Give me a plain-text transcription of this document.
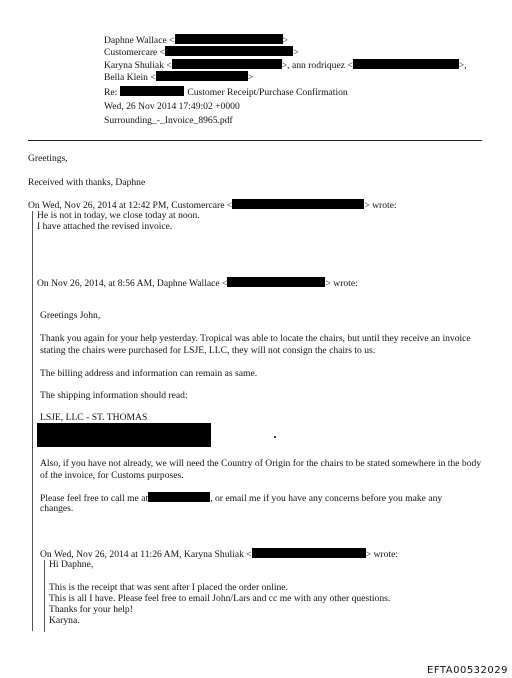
Daphne Wallace <	>
Customercare <	>
Karyna Shuliak <	>, ann rodriquez <	>,
Bella Klein <	>
Re:	Customer Receipt/Purchase Confirmation
Wed, 26 Nov 2014 17:49:02 +0000
Surrounding_-_Invoice_8965.pdf
Greetings,
Received with thanks, Daphne
On Wed, Nov 26, 2014 at 12:42 PM, Customercare <	> wrote:
He is not in today, we close today at noon.
I have attached the revised invoice.
On Nov 26, 2014, at 8:56 AM, Daphne Wallace <	> wrote:
Greetings John,
Thank you again for your help yesterday. Tropical was able to locate the chairs, but until they receive an invoice stating the chairs were purchased for LSJE, LLC, they will not consign the chairs to us.
The billing address and information can remain as same.
The shipping information should read:
LSJE, LLC - ST. THOMAS
Also, if you have not already, we will need the Country of Origin for the chairs to be stated somewhere in the body of the invoice, for Customs purposes.
Please feel free to call me at	, or email me if you have any concerns before you make any
changes.
On Wed, Nov 26, 2014 at 11:26 AM, Karyna Shuliak <	> wrote:
Hi Daphne,
This is the receipt that was sent after I placed the order online.
This is all I have. Please feel free to email John/Lars and cc me with any other questions.
Thanks for your help!
Karyna.
EFTA00532029
